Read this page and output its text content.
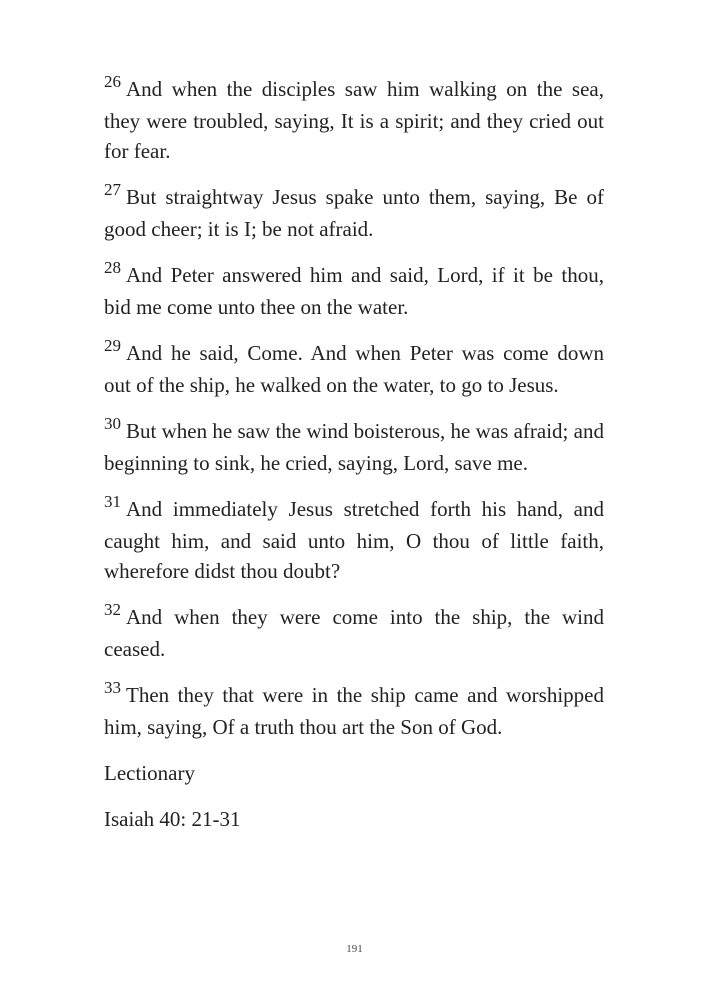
$^{26}$ And when the disciples saw him walking on the sea, they were troubled, saying, It is a spirit; and they cried out for fear.

$^{27}$ But straightway Jesus spake unto them, saying, Be of good cheer; it is I; be not afraid.

$^{28}$ And Peter answered him and said, Lord, if it be thou, bid me come unto thee on the water.

$^{29}$ And he said, Come. And when Peter was come down out of the ship, he walked on the water, to go to Jesus.

$^{30}$ But when he saw the wind boisterous, he was afraid; and beginning to sink, he cried, saying, Lord, save me.

$^{31}$ And immediately Jesus stretched forth his hand, and caught him, and said unto him, O thou of little faith, wherefore didst thou doubt?

$^{32}$ And when they were come into the ship, the wind ceased.

$^{33}$ Then they that were in the ship came and worshipped him, saying, Of a truth thou art the Son of God.

Lectionary

Isaiah 40: 21-31

191
